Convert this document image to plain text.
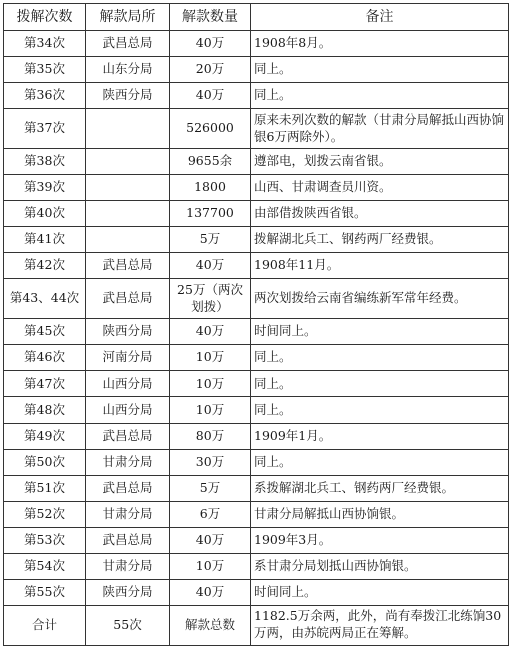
拨解次数	解款局所	解款数量	备注
第34次	武昌总局	40万	1908年8月。
第35次	山东分局	20万	同上。
第36次	陕西分局	40万	同上。
第37次		526000	原来未列次数的解款（甘肃分局解抵山西协饷银6万两除外）。
第38次		9655余	遵部电，划拨云南省银。
第39次		1800	山西、甘肃调查员川资。
第40次		137700	由部借拨陕西省银。
第41次		5万	拨解湖北兵工、钢药两厂经费银。
第42次	武昌总局	40万	1908年11月。
第43、44次	武昌总局	25万（两次划拨）	两次划拨给云南省编练新军常年经费。
第45次	陕西分局	40万	时间同上。
第46次	河南分局	10万	同上。
第47次	山西分局	10万	同上。
第48次	山西分局	10万	同上。
第49次	武昌总局	80万	1909年1月。
第50次	甘肃分局	30万	同上。
第51次	武昌总局	5万	系拨解湖北兵工、钢药两厂经费银。
第52次	甘肃分局	6万	甘肃分局解抵山西协饷银。
第53次	武昌总局	40万	1909年3月。
第54次	甘肃分局	10万	系甘肃分局划抵山西协饷银。
第55次	陕西分局	40万	时间同上。
合计	55次	解款总数	1182.5万余两，此外，尚有奉拨江北练饷30万两，由苏皖两局正在筹解。
